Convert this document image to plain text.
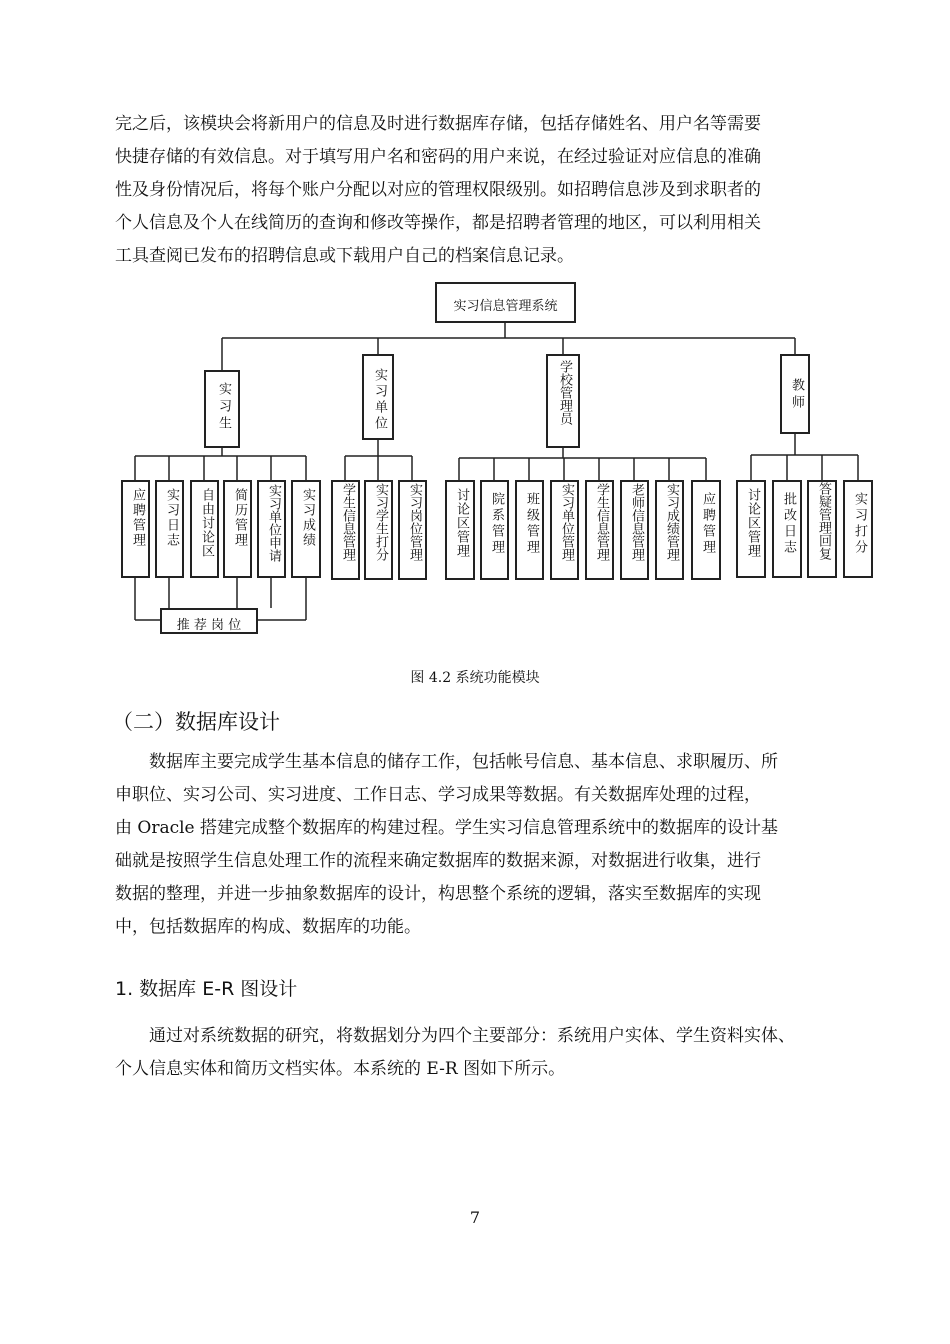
完之后，该模块会将新用户的信息及时进行数据库存储，包括存储姓名、用户名等需要
快捷存储的有效信息。对于填写用户名和密码的用户来说，在经过验证对应信息的准确
性及身份情况后，将每个账户分配以对应的管理权限级别。如招聘信息涉及到求职者的
个人信息及个人在线简历的查询和修改等操作，都是招聘者管理的地区，可以利用相关
工具查阅已发布的招聘信息或下载用户自己的档案信息记录。
实习信息管理系统
实习生	实习单位	学校管理员	教师
应聘管理 实习日志 自由讨论区 简历管理 实习单位申请 实习成绩
推 荐 岗 位
学生信息管理 实习学生打分 实习岗位管理 讨论区管理 院系管理 班级管理 实习单位管理 学生信息管理 老师信息管理 实习成绩管理 应聘管理 讨论区管理 批改日志 答疑管理回复 实习打分
图 4.2 系统功能模块
（二）数据库设计
数据库主要完成学生基本信息的储存工作，包括帐号信息、基本信息、求职履历、所
申职位、实习公司、实习进度、工作日志、学习成果等数据。有关数据库处理的过程，
由 Oracle 搭建完成整个数据库的构建过程。学生实习信息管理系统中的数据库的设计基
础就是按照学生信息处理工作的流程来确定数据库的数据来源，对数据进行收集，进行
数据的整理，并进一步抽象数据库的设计，构思整个系统的逻辑，落实至数据库的实现
中，包括数据库的构成、数据库的功能。
1. 数据库 E-R 图设计
通过对系统数据的研究，将数据划分为四个主要部分：系统用户实体、学生资料实体、
个人信息实体和简历文档实体。本系统的 E-R 图如下所示。
7
